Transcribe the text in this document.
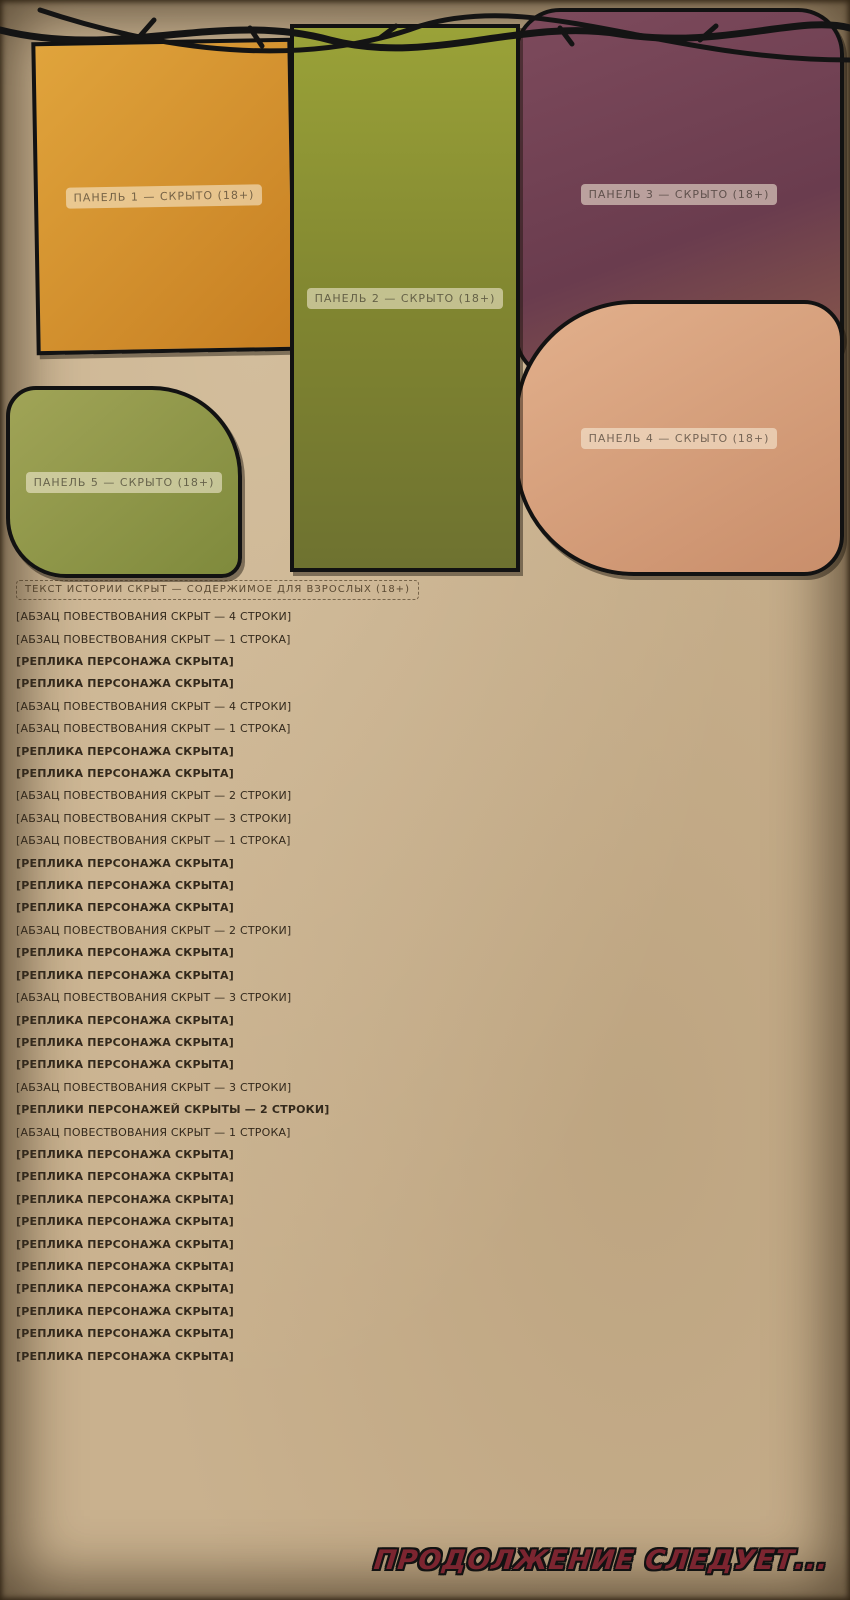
ПАНЕЛЬ 3 — СКРЫТО (18+)
ПАНЕЛЬ 4 — СКРЫТО (18+)
ПАНЕЛЬ 1 — СКРЫТО (18+)
ПАНЕЛЬ 2 — СКРЫТО (18+)
ПАНЕЛЬ 5 — СКРЫТО (18+)
ТЕКСТ ИСТОРИИ СКРЫТ — СОДЕРЖИМОЕ ДЛЯ ВЗРОСЛЫХ (18+)
[АБЗАЦ ПОВЕСТВОВАНИЯ СКРЫТ — 4 СТРОКИ]
[АБЗАЦ ПОВЕСТВОВАНИЯ СКРЫТ — 1 СТРОКА]
[РЕПЛИКА ПЕРСОНАЖА СКРЫТА]
[РЕПЛИКА ПЕРСОНАЖА СКРЫТА]
[АБЗАЦ ПОВЕСТВОВАНИЯ СКРЫТ — 4 СТРОКИ]
[АБЗАЦ ПОВЕСТВОВАНИЯ СКРЫТ — 1 СТРОКА]
[РЕПЛИКА ПЕРСОНАЖА СКРЫТА]
[РЕПЛИКА ПЕРСОНАЖА СКРЫТА]
[АБЗАЦ ПОВЕСТВОВАНИЯ СКРЫТ — 2 СТРОКИ]
[АБЗАЦ ПОВЕСТВОВАНИЯ СКРЫТ — 3 СТРОКИ]
[АБЗАЦ ПОВЕСТВОВАНИЯ СКРЫТ — 1 СТРОКА]
[РЕПЛИКА ПЕРСОНАЖА СКРЫТА]
[РЕПЛИКА ПЕРСОНАЖА СКРЫТА]
[РЕПЛИКА ПЕРСОНАЖА СКРЫТА]
[АБЗАЦ ПОВЕСТВОВАНИЯ СКРЫТ — 2 СТРОКИ]
[РЕПЛИКА ПЕРСОНАЖА СКРЫТА]
[РЕПЛИКА ПЕРСОНАЖА СКРЫТА]
[АБЗАЦ ПОВЕСТВОВАНИЯ СКРЫТ — 3 СТРОКИ]
[РЕПЛИКА ПЕРСОНАЖА СКРЫТА]
[РЕПЛИКА ПЕРСОНАЖА СКРЫТА]
[РЕПЛИКА ПЕРСОНАЖА СКРЫТА]
[АБЗАЦ ПОВЕСТВОВАНИЯ СКРЫТ — 3 СТРОКИ]
[РЕПЛИКИ ПЕРСОНАЖЕЙ СКРЫТЫ — 2 СТРОКИ]
[АБЗАЦ ПОВЕСТВОВАНИЯ СКРЫТ — 1 СТРОКА]
[РЕПЛИКА ПЕРСОНАЖА СКРЫТА]
[РЕПЛИКА ПЕРСОНАЖА СКРЫТА]
[РЕПЛИКА ПЕРСОНАЖА СКРЫТА]
[РЕПЛИКА ПЕРСОНАЖА СКРЫТА]
[РЕПЛИКА ПЕРСОНАЖА СКРЫТА]
[РЕПЛИКА ПЕРСОНАЖА СКРЫТА]
[РЕПЛИКА ПЕРСОНАЖА СКРЫТА]
[РЕПЛИКА ПЕРСОНАЖА СКРЫТА]
[РЕПЛИКА ПЕРСОНАЖА СКРЫТА]
[РЕПЛИКА ПЕРСОНАЖА СКРЫТА]
ПРОДОЛЖЕНИЕ СЛЕДУЕТ...
